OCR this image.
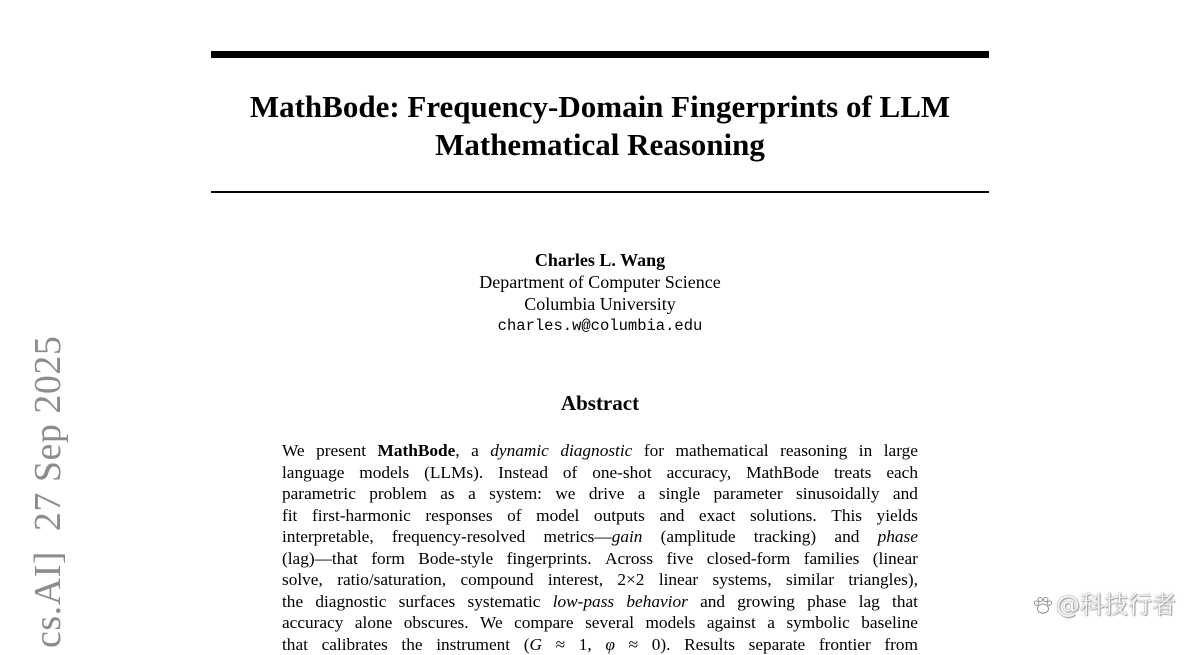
MathBode: Frequency-Domain Fingerprints of LLM
Mathematical Reasoning
Charles L. Wang
Department of Computer Science
Columbia University
charles.w@columbia.edu
Abstract
We present MathBode, a dynamic diagnostic for mathematical reasoning in large
language models (LLMs). Instead of one-shot accuracy, MathBode treats each
parametric problem as a system: we drive a single parameter sinusoidally and
fit first-harmonic responses of model outputs and exact solutions. This yields
interpretable, frequency-resolved metrics—gain (amplitude tracking) and phase
(lag)—that form Bode-style fingerprints. Across five closed-form families (linear
solve, ratio/saturation, compound interest, 2×2 linear systems, similar triangles),
the diagnostic surfaces systematic low-pass behavior and growing phase lag that
accuracy alone obscures. We compare several models against a symbolic baseline
that calibrates the instrument (G ≈ 1, φ ≈ 0). Results separate frontier from
cs.AI]27 Sep 2025
@科技行者
